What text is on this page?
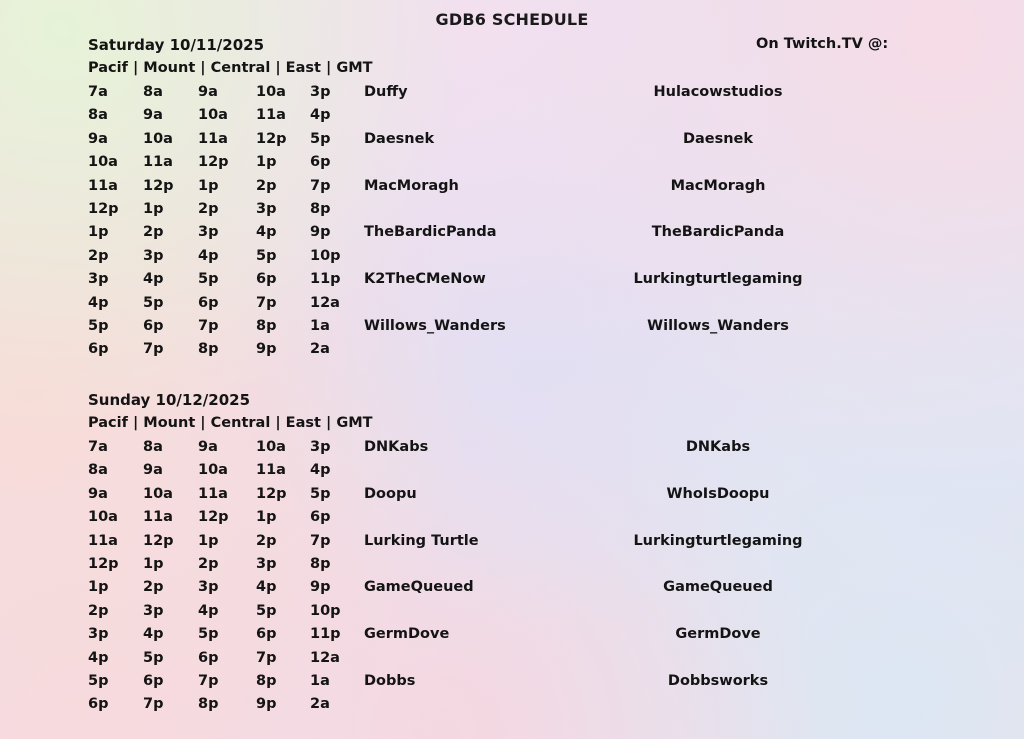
GDB6 SCHEDULE
Saturday 10/11/2025	On Twitch.TV @:
Pacif | Mount | Central | East | GMT
7a 8a 9a	10a 3p Duffy	Hulacowstudios
8a 9a 10a 11a 4p
9a 10a 11a 12p 5p Daesnek	Daesnek
10a 11a 12p 1p 6p
11a 12p 1p	2p 7p MacMoragh	MacMoragh
12p 1p 2p	3p 8p
1p 2p 3p	4p 9p TheBardicPanda	TheBardicPanda
2p 3p 4p	5p 10p
3p 4p 5p	6p 11p K2TheCMeNow	Lurkingturtlegaming
4p 5p 6p	7p 12a
5p 6p 7p	8p 1a Willows_Wanders	Willows_Wanders
6p 7p 8p	9p 2a
Sunday 10/12/2025
Pacif | Mount | Central | East | GMT
7a 8a 9a	10a 3p DNKabs	DNKabs
8a 9a 10a 11a 4p
9a 10a 11a 12p 5p Doopu	WhoIsDoopu
10a 11a 12p 1p 6p
11a 12p 1p	2p 7p Lurking Turtle	Lurkingturtlegaming
12p 1p 2p	3p 8p
1p 2p 3p	4p 9p GameQueued	GameQueued
2p 3p 4p	5p 10p
3p 4p 5p	6p 11p GermDove	GermDove
4p 5p 6p	7p 12a
5p 6p 7p	8p 1a Dobbs	Dobbsworks
6p 7p 8p	9p 2a
